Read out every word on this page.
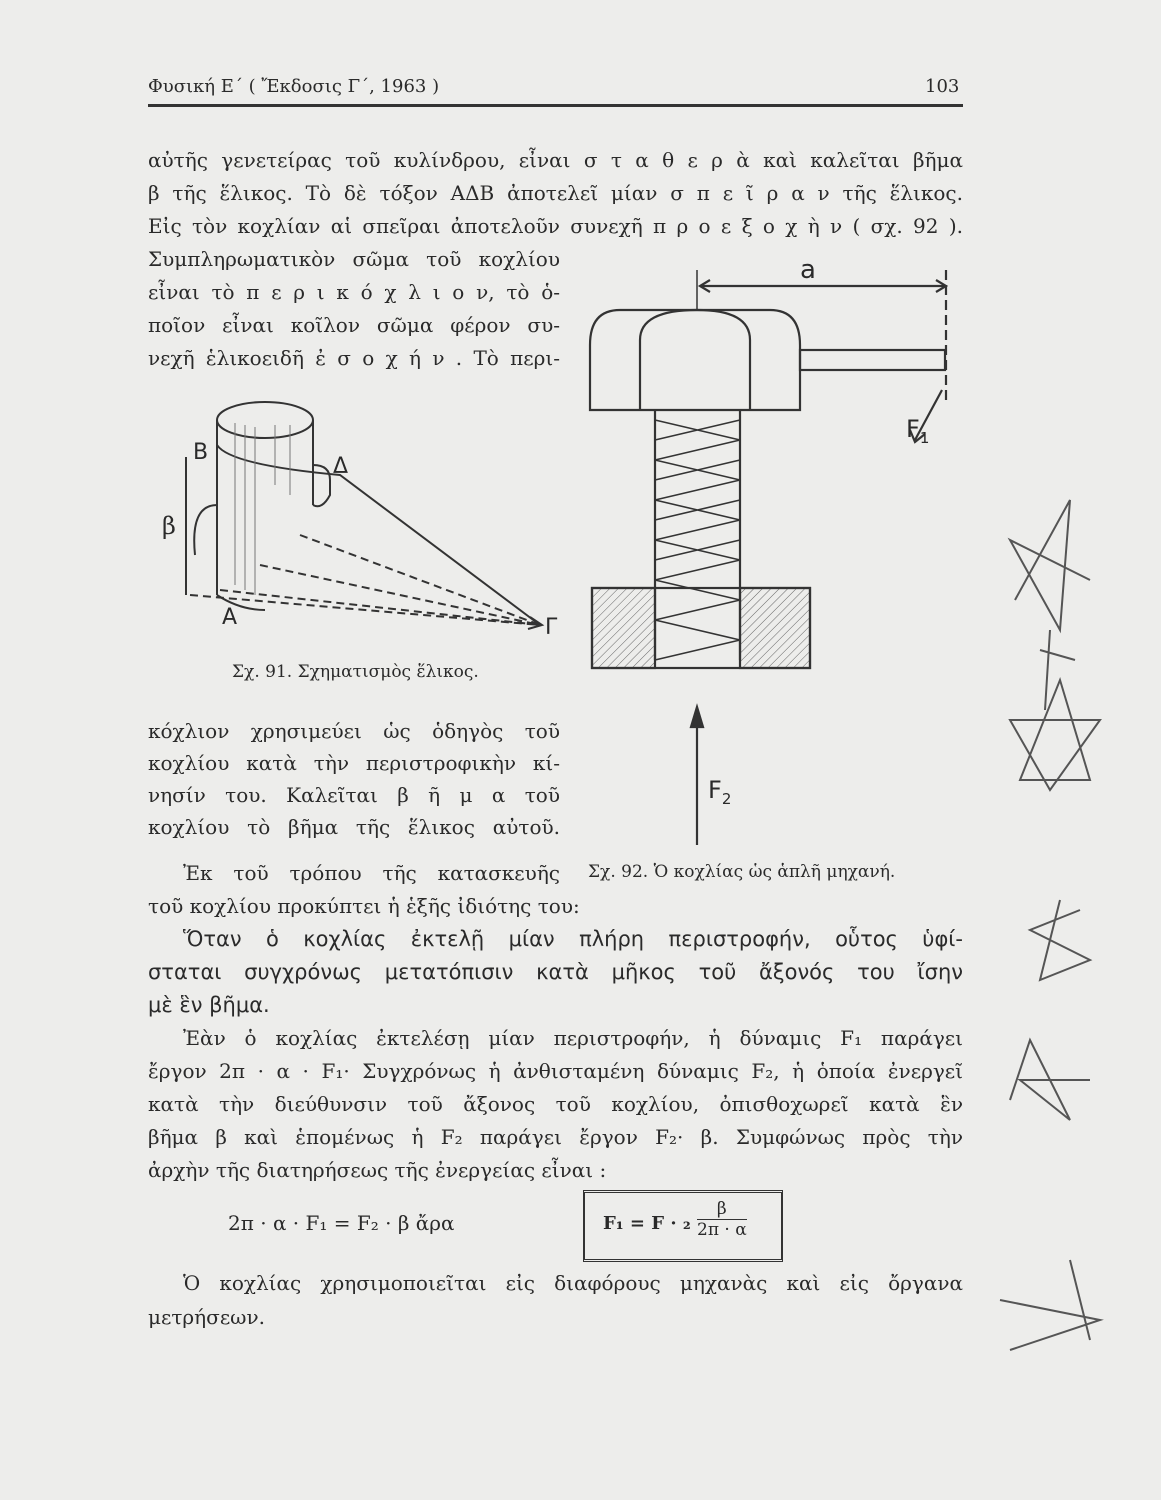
Φυσική Ε΄ ( Ἔκδοσις Γ΄, 1963 )	103
αὐτῆς γενετείρας τοῦ κυλίνδρου, εἶναι σ τ α θ ε ρ ὰ καὶ καλεῖται βῆμα
β τῆς ἕλικος. Τὸ δὲ τόξον ΑΔΒ ἀποτελεῖ μίαν σ π ε ῖ ρ α ν τῆς ἕλικος.
Εἰς τὸν κοχλίαν αἱ σπεῖραι ἀποτελοῦν συνεχῆ π ρ ο ε ξ ο χ ὴ ν ( σχ. 92 ).
Συμπληρωματικὸν σῶμα τοῦ κοχλίου
εἶναι τὸ π ε ρ ι κ ό χ λ ι ο ν, τὸ ὁ-
ποῖον εἶναι κοῖλον σῶμα φέρον συ-
νεχῆ ἑλικοειδῆ ἐ σ ο χ ή ν . Τὸ περι-
B
Δ
β
A	Γ
Σχ. 91. Σχηματισμὸς ἕλικος.
a
$F_1$
$F_2$
Σχ. 92. Ὁ κοχλίας ὡς ἁπλῆ μηχανή.
κόχλιον χρησιμεύει ὡς ὁδηγὸς τοῦ
κοχλίου κατὰ τὴν περιστροφικὴν κί-
νησίν του. Καλεῖται β ῆ μ α τοῦ
κοχλίου τὸ βῆμα τῆς ἕλικος αὐτοῦ.
Ἐκ τοῦ τρόπου τῆς κατασκευῆς
τοῦ κοχλίου προκύπτει ἡ ἑξῆς ἰδιότης του:
Ὅταν ὁ κοχλίας ἐκτελῇ μίαν πλήρη περιστροφήν, οὗτος ὑφί-
σταται συγχρόνως μετατόπισιν κατὰ μῆκος τοῦ ἄξονός του ἴσην
μὲ ἓν βῆμα.
Ἐὰν ὁ κοχλίας ἐκτελέσῃ μίαν περιστροφήν, ἡ δύναμις F₁ παράγει
ἔργον 2π · α · F₁· Συγχρόνως ἡ ἀνθισταμένη δύναμις F₂, ἡ ὁποία ἐνεργεῖ
κατὰ τὴν διεύθυνσιν τοῦ ἄξονος τοῦ κοχλίου, ὀπισθοχωρεῖ κατὰ ἓν
βῆμα β καὶ ἑπομένως ἡ F₂ παράγει ἔργον F₂· β. Συμφώνως πρὸς τὴν
ἀρχὴν τῆς διατηρήσεως τῆς ἐνεργείας εἶναι :
2π · α · F₁ = F₂ · β ἄρα	$F_1 = F \cdot _2 \frac{\beta}{2\pi \cdot \alpha}$
Ὁ κοχλίας χρησιμοποιεῖται εἰς διαφόρους μηχανὰς καὶ εἰς ὄργανα
μετρήσεων.
